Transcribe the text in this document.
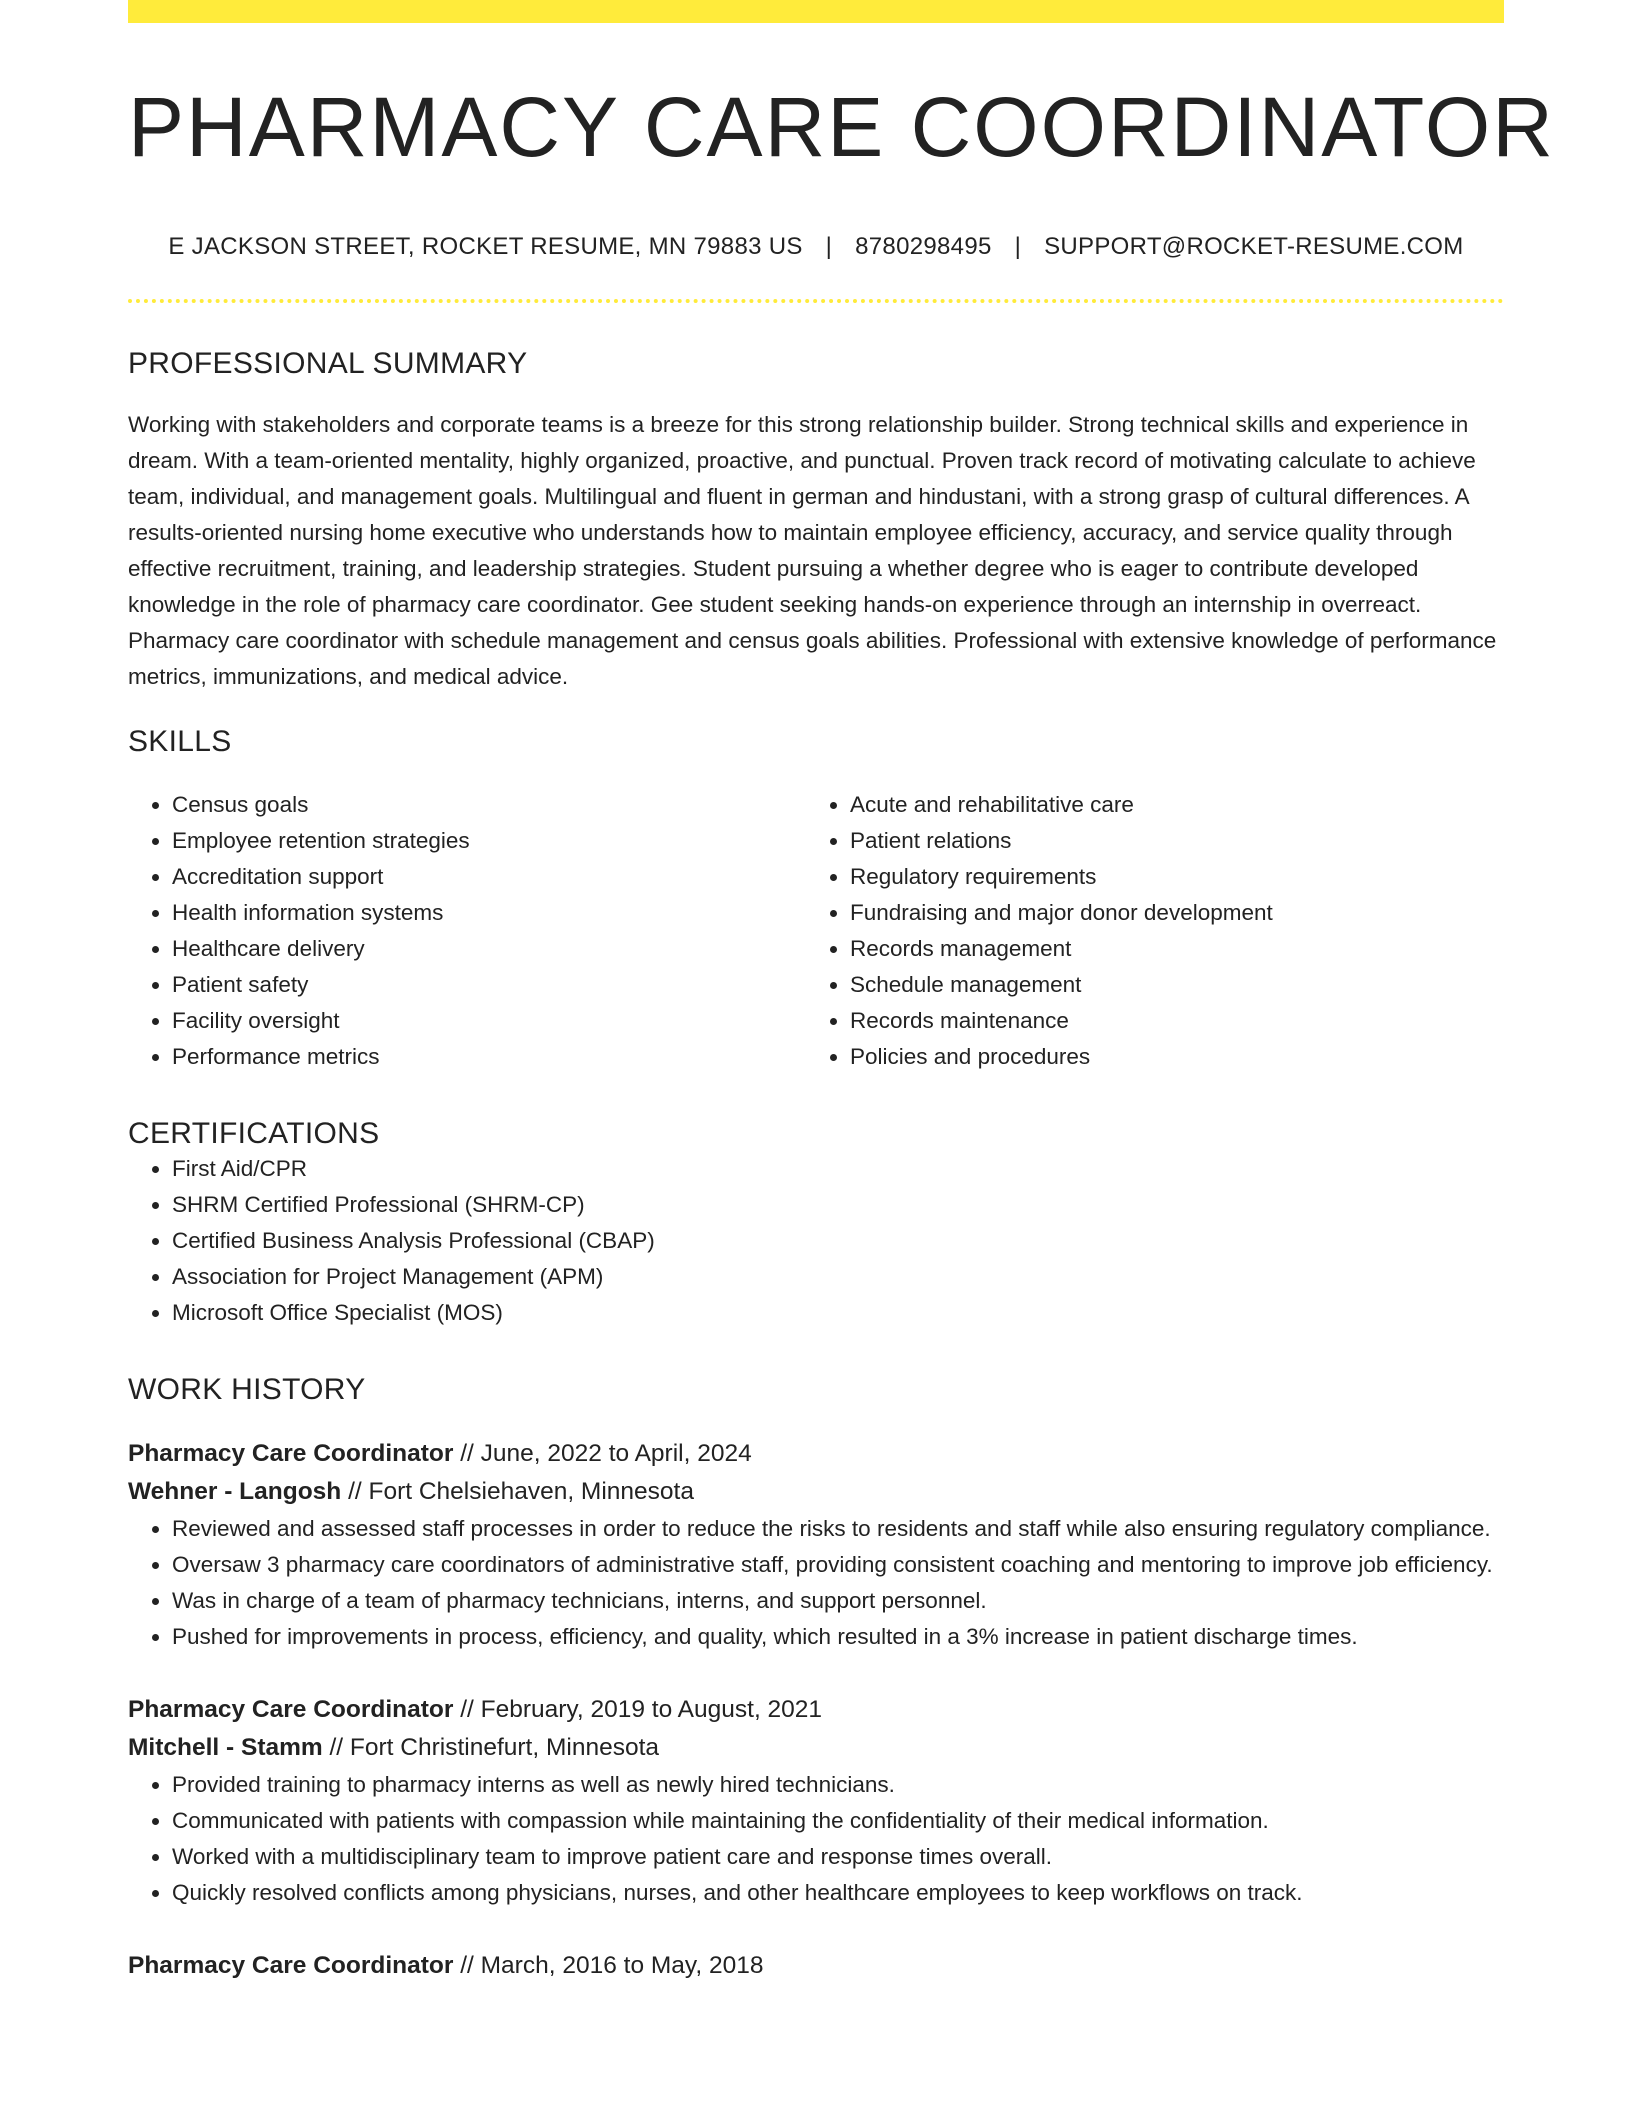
PHARMACY CARE COORDINATOR
E JACKSON STREET, ROCKET RESUME, MN 79883 US | 8780298495 | SUPPORT@ROCKET-RESUME.COM
PROFESSIONAL SUMMARY

Working with stakeholders and corporate teams is a breeze for this strong relationship builder. Strong technical skills and experience in dream. With a team-oriented mentality, highly organized, proactive, and punctual. Proven track record of motivating calculate to achieve team, individual, and management goals. Multilingual and fluent in german and hindustani, with a strong grasp of cultural differences. A results-oriented nursing home executive who understands how to maintain employee efficiency, accuracy, and service quality through effective recruitment, training, and leadership strategies. Student pursuing a whether degree who is eager to contribute developed knowledge in the role of pharmacy care coordinator. Gee student seeking hands-on experience through an internship in overreact. Pharmacy care coordinator with schedule management and census goals abilities. Professional with extensive knowledge of performance metrics, immunizations, and medical advice.

SKILLS
• Census goals
• Employee retention strategies
• Accreditation support
• Health information systems
• Healthcare delivery
• Patient safety
• Facility oversight
• Performance metrics
• Acute and rehabilitative care
• Patient relations
• Regulatory requirements
• Fundraising and major donor development
• Records management
• Schedule management
• Records maintenance
• Policies and procedures
CERTIFICATIONS
• First Aid/CPR
• SHRM Certified Professional (SHRM-CP)
• Certified Business Analysis Professional (CBAP)
• Association for Project Management (APM)
• Microsoft Office Specialist (MOS)
WORK HISTORY
Pharmacy Care Coordinator // June, 2022 to April, 2024
Wehner - Langosh // Fort Chelsiehaven, Minnesota
• Reviewed and assessed staff processes in order to reduce the risks to residents and staff while also ensuring regulatory compliance.
• Oversaw 3 pharmacy care coordinators of administrative staff, providing consistent coaching and mentoring to improve job efficiency.
• Was in charge of a team of pharmacy technicians, interns, and support personnel.
• Pushed for improvements in process, efficiency, and quality, which resulted in a 3% increase in patient discharge times.
Pharmacy Care Coordinator // February, 2019 to August, 2021
Mitchell - Stamm // Fort Christinefurt, Minnesota
• Provided training to pharmacy interns as well as newly hired technicians.
• Communicated with patients with compassion while maintaining the confidentiality of their medical information.
• Worked with a multidisciplinary team to improve patient care and response times overall.
• Quickly resolved conflicts among physicians, nurses, and other healthcare employees to keep workflows on track.
Pharmacy Care Coordinator // March, 2016 to May, 2018
